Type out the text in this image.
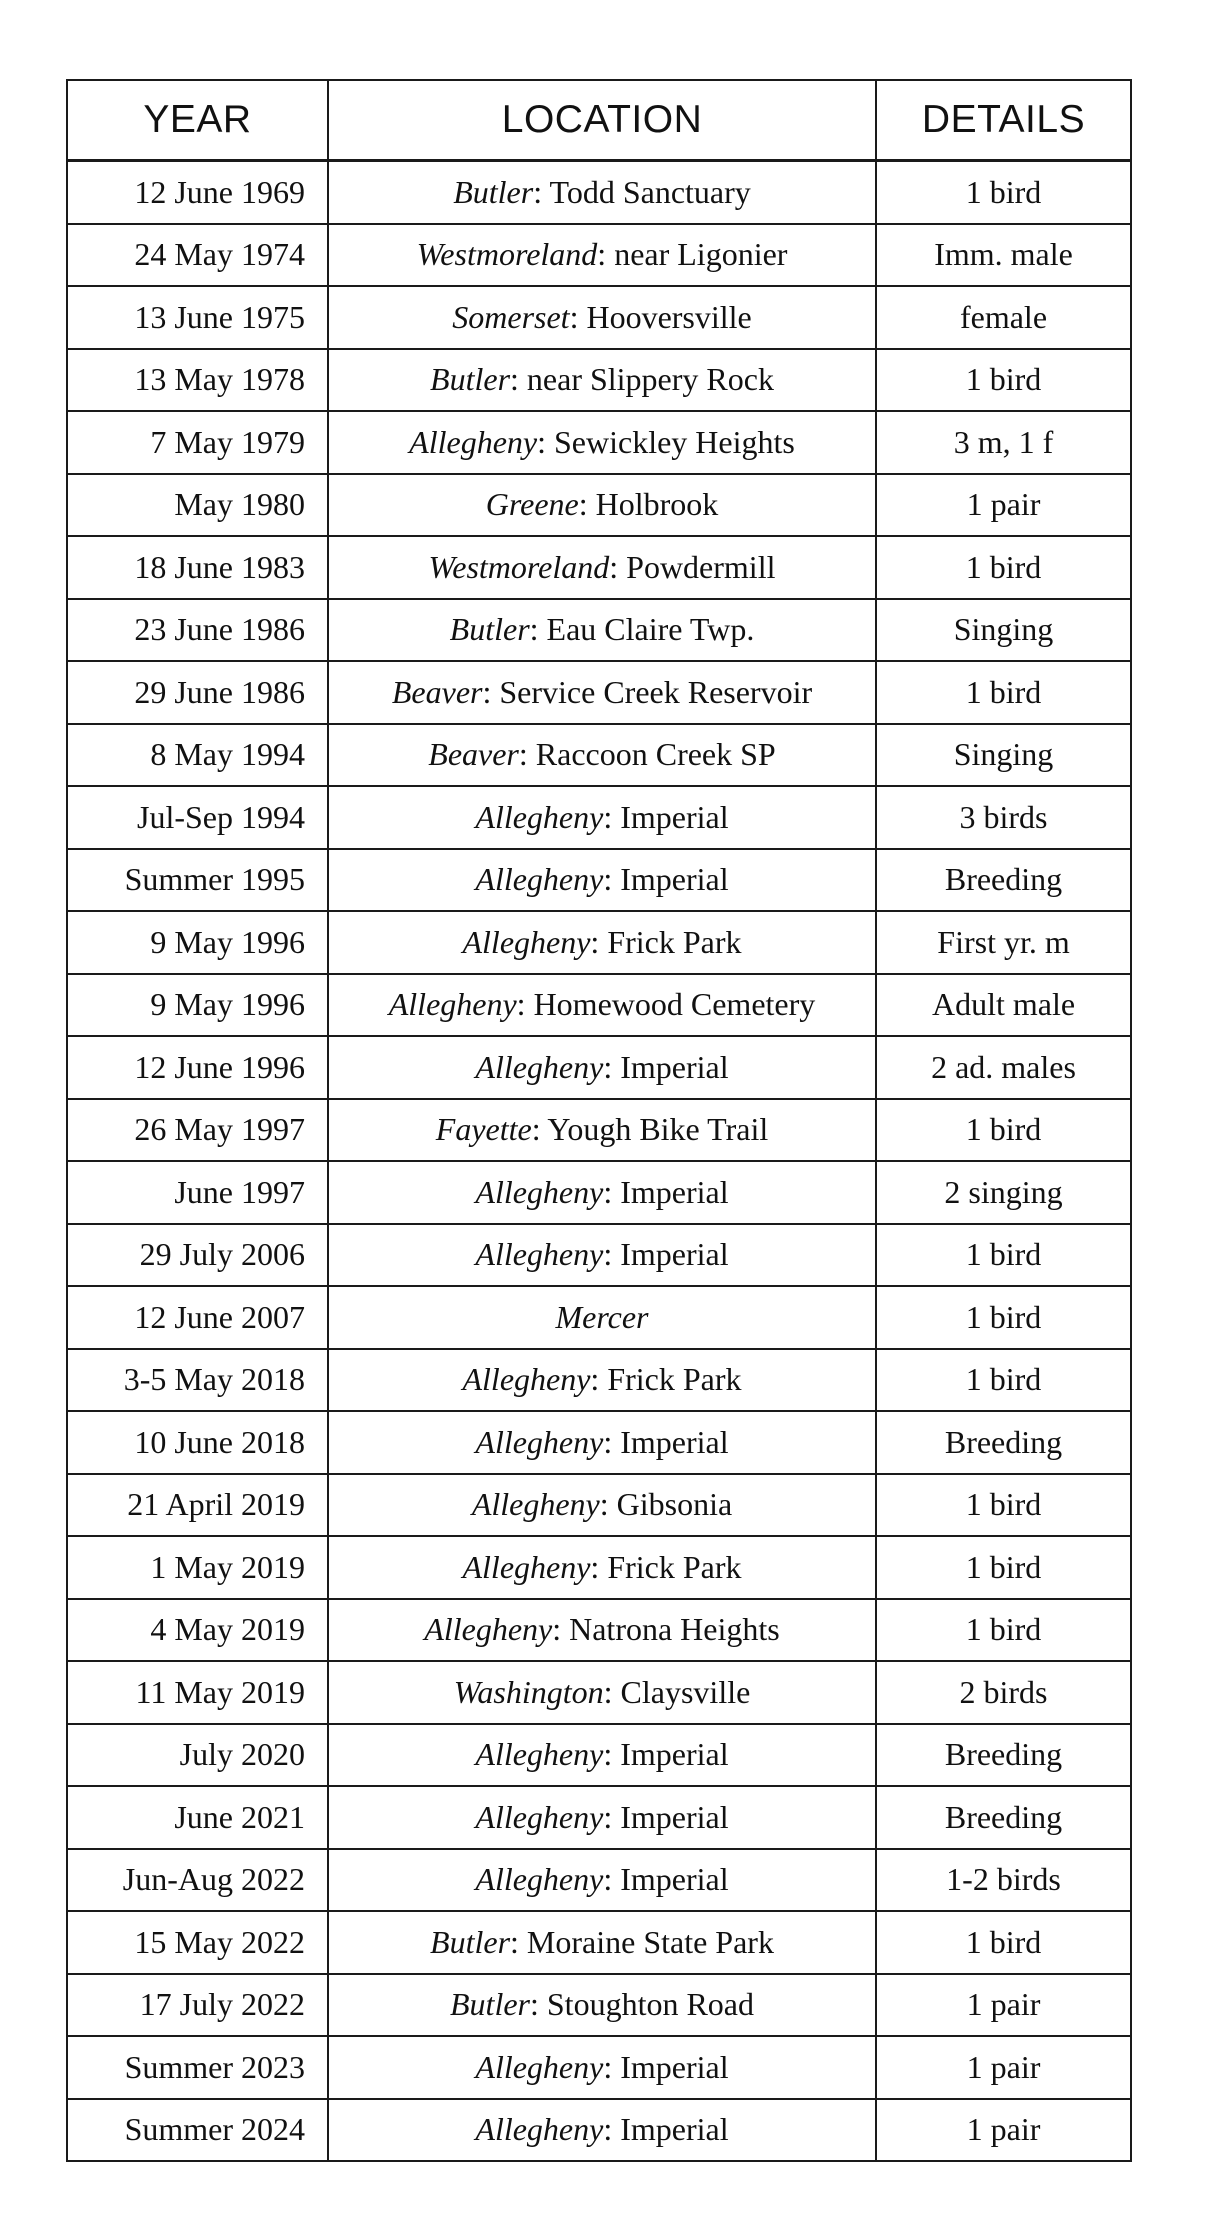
YEAR	LOCATION	DETAILS
12 June 1969	Butler: Todd Sanctuary	1 bird
24 May 1974	Westmoreland: near Ligonier	Imm. male
13 June 1975	Somerset: Hooversville	female
13 May 1978	Butler: near Slippery Rock	1 bird
7 May 1979	Allegheny: Sewickley Heights	3 m, 1 f
May 1980	Greene: Holbrook	1 pair
18 June 1983	Westmoreland: Powdermill	1 bird
23 June 1986	Butler: Eau Claire Twp.	Singing
29 June 1986	Beaver: Service Creek Reservoir	1 bird
8 May 1994	Beaver: Raccoon Creek SP	Singing
Jul-Sep 1994	Allegheny: Imperial	3 birds
Summer 1995	Allegheny: Imperial	Breeding
9 May 1996	Allegheny: Frick Park	First yr. m
9 May 1996	Allegheny: Homewood Cemetery	Adult male
12 June 1996	Allegheny: Imperial	2 ad. males
26 May 1997	Fayette: Yough Bike Trail	1 bird
June 1997	Allegheny: Imperial	2 singing
29 July 2006	Allegheny: Imperial	1 bird
12 June 2007	Mercer	1 bird
3-5 May 2018	Allegheny: Frick Park	1 bird
10 June 2018	Allegheny: Imperial	Breeding
21 April 2019	Allegheny: Gibsonia	1 bird
1 May 2019	Allegheny: Frick Park	1 bird
4 May 2019	Allegheny: Natrona Heights	1 bird
11 May 2019	Washington: Claysville	2 birds
July 2020	Allegheny: Imperial	Breeding
June 2021	Allegheny: Imperial	Breeding
Jun-Aug 2022	Allegheny: Imperial	1-2 birds
15 May 2022	Butler: Moraine State Park	1 bird
17 July 2022	Butler: Stoughton Road	1 pair
Summer 2023	Allegheny: Imperial	1 pair
Summer 2024	Allegheny: Imperial	1 pair
